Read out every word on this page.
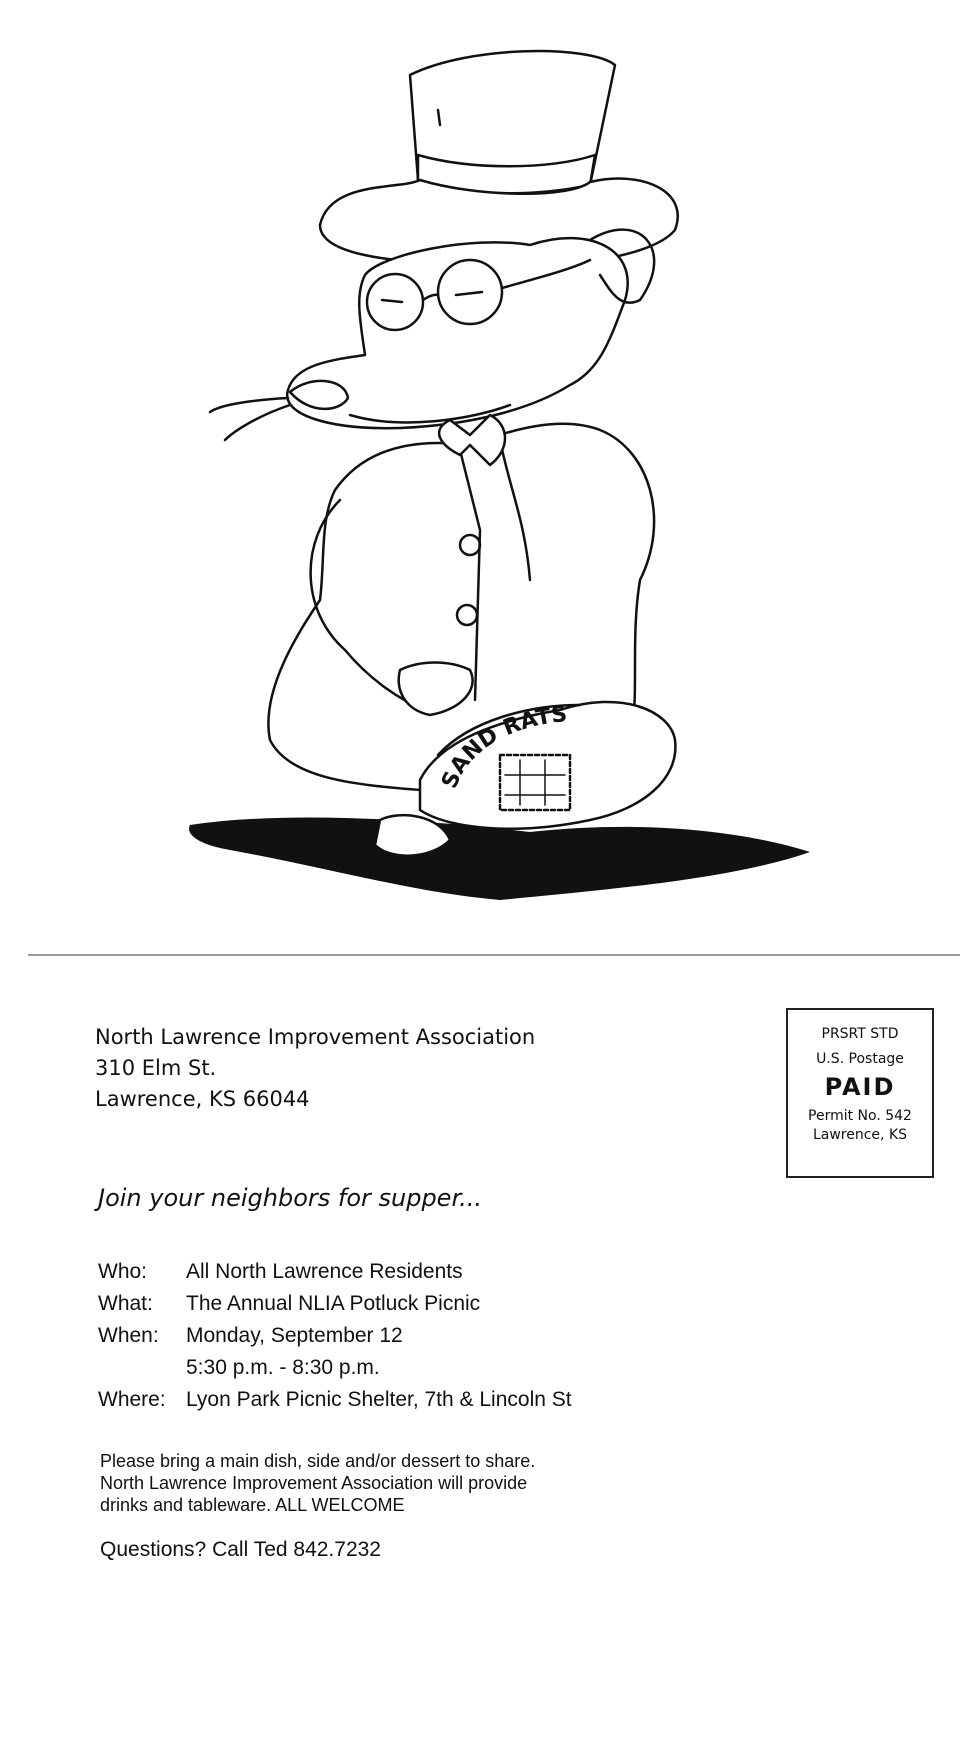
SAND RATS
North Lawrence Improvement Association
310 Elm St.
Lawrence, KS 66044
PRSRT STD
U.S. Postage
PAID
Permit No. 542
Lawrence, KS
Join your neighbors for supper...
Who:	All North Lawrence Residents
What:	The Annual NLIA Potluck Picnic
When:	Monday, September 12
5:30 p.m. - 8:30 p.m.
Where: Lyon Park Picnic Shelter, 7th & Lincoln St
Please bring a main dish, side and/or dessert to share.
North Lawrence Improvement Association will provide
drinks and tableware. ALL WELCOME
Questions? Call Ted 842.7232
